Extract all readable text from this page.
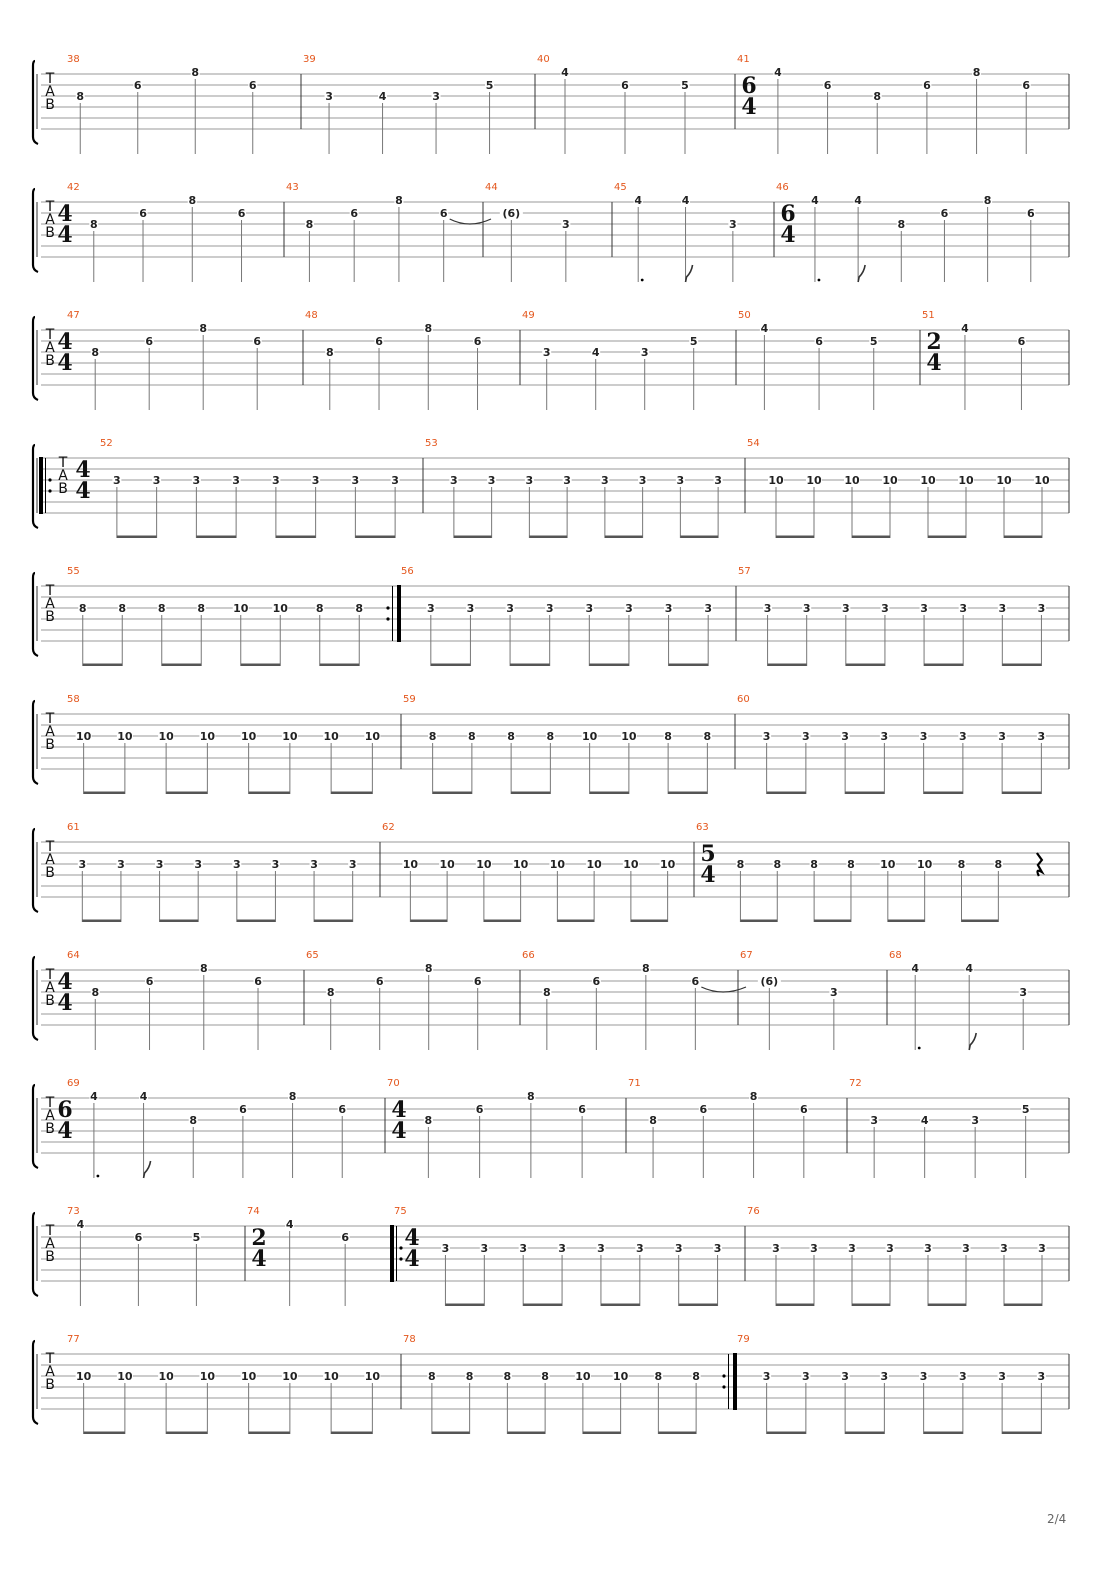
T
A
B
38
8
6
8
6
39
3	4	3
5
40
4
6	5
41
6
4
4
6
8
6
8
6
T
A
B
42
4
4 8
6
8
6
43
8
6
8
6
44
(6)
3
45
4	4
3
46
6
4
4	4
8
6
8
6
T
A
B
47
4
4 8
6
8
6
48
8
6
8
6
49
3	4	3
5
50
4
6	5
51
2
4
4
6
T
A
B
52
4
4 3	3	3	3	3	3	3	3
53
3	3	3	3	3	3	3	3
54
10 10 10 10 10 10 10 10
T
A
B
55
8	8	8	8	10 10	8	8
56
3	3	3	3	3	3	3	3
57
3	3	3	3	3	3	3	3
T
A
B
58
10 10 10 10 10 10 10 10
59
8	8	8	8	10 10	8	8
60
3	3	3	3	3	3	3	3
T
A
B
61
3	3	3	3	3	3	3	3
62
10 10 10 10 10 10 10 10
63
5
4 8	8	8	8 10 10 8	8
T
A
B
64
4
4 8
6
8
6
65
8
6
8
6
66
8
6
8
6
67
(6)
3
68
4	4
3
T
A
B
69
6
4
4	4
8
6
8
6
70
4
4 8
6
8
6
71
8
6
8
6
72
3	4	3
5
T
A
B
73
4
6	5
74
2
4
4
6
75
4
4 3	3	3	3	3	3	3	3
76
3	3	3	3	3	3	3	3
T
A
B
77
10 10 10 10 10 10 10 10
78
8	8	8	8 10 10 8	8
79
3	3	3	3	3	3	3	3
2/4
